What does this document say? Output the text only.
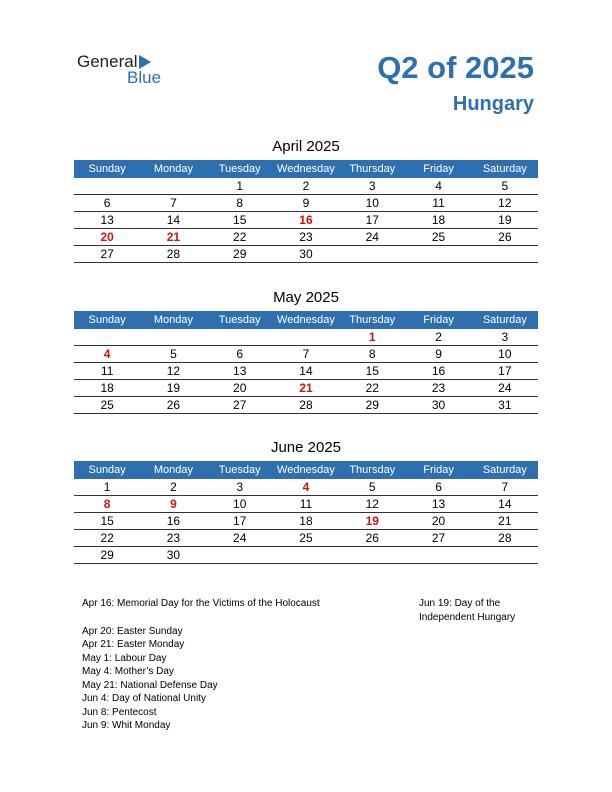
General
Blue	Q2 of 2025
Hungary
April 2025
Sunday	Monday	Tuesday	Wednesday	Thursday	Friday	Saturday
		1	2	3	4	5
6	7	8	9	10	11	12
13	14	15	16	17	18	19
20	21	22	23	24	25	26
27	28	29	30			
May 2025
Sunday	Monday	Tuesday	Wednesday	Thursday	Friday	Saturday
				1	2	3
4	5	6	7	8	9	10
11	12	13	14	15	16	17
18	19	20	21	22	23	24
25	26	27	28	29	30	31
June 2025
Sunday	Monday	Tuesday	Wednesday	Thursday	Friday	Saturday
1	2	3	4	5	6	7
8	9	10	11	12	13	14
15	16	17	18	19	20	21
22	23	24	25	26	27	28
29	30					
Apr 16: Memorial Day for the Victims of the Holocaust
Apr 20: Easter Sunday
Apr 21: Easter Monday
May 1: Labour Day
May 4: Mother’s Day
May 21: National Defense Day
Jun 4: Day of National Unity
Jun 8: Pentecost
Jun 9: Whit Monday
Jun 19: Day of the
Independent Hungary
